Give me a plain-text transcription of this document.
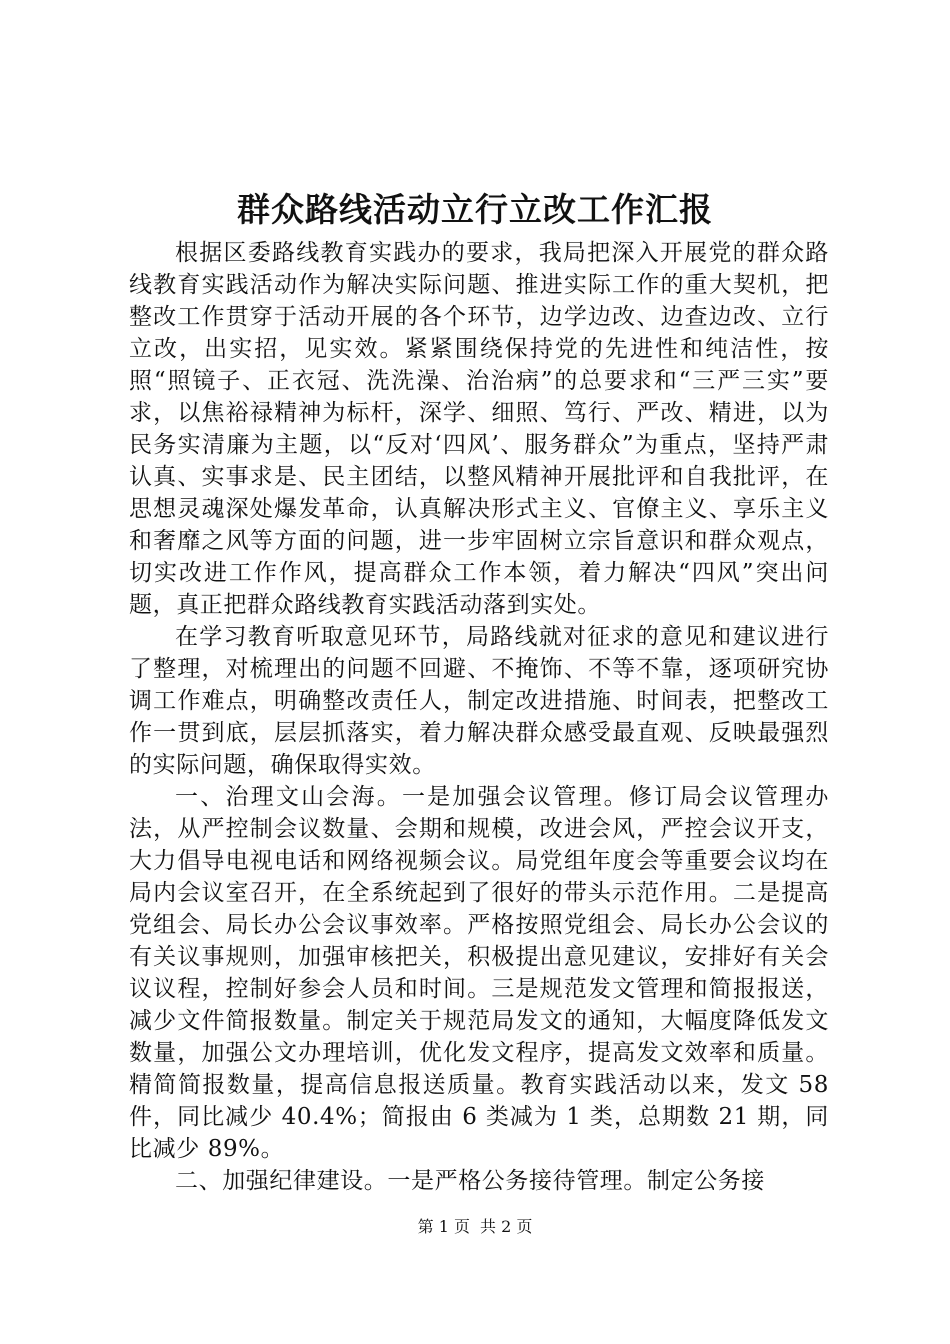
群众路线活动立行立改工作汇报

根据区委路线教育实践办的要求，我局把深入开展党的群众路线教育实践活动作为解决实际问题、推进实际工作的重大契机，把整改工作贯穿于活动开展的各个环节，边学边改、边查边改、立行立改，出实招，见实效。紧紧围绕保持党的先进性和纯洁性，按照“照镜子、正衣冠、洗洗澡、治治病”的总要求和“三严三实”要求，以焦裕禄精神为标杆，深学、细照、笃行、严改、精进，以为民务实清廉为主题，以“反对‘四风’、服务群众”为重点，坚持严肃认真、实事求是、民主团结，以整风精神开展批评和自我批评，在思想灵魂深处爆发革命，认真解决形式主义、官僚主义、享乐主义和奢靡之风等方面的问题，进一步牢固树立宗旨意识和群众观点，切实改进工作作风，提高群众工作本领，着力解决“四风”突出问题，真正把群众路线教育实践活动落到实处。

在学习教育听取意见环节，局路线就对征求的意见和建议进行了整理，对梳理出的问题不回避、不掩饰、不等不靠，逐项研究协调工作难点，明确整改责任人，制定改进措施、时间表，把整改工作一贯到底，层层抓落实，着力解决群众感受最直观、反映最强烈的实际问题，确保取得实效。

一、治理文山会海。一是加强会议管理。修订局会议管理办法，从严控制会议数量、会期和规模，改进会风，严控会议开支，大力倡导电视电话和网络视频会议。局党组年度会等重要会议均在局内会议室召开，在全系统起到了很好的带头示范作用。二是提高党组会、局长办公会议事效率。严格按照党组会、局长办公会议的有关议事规则，加强审核把关，积极提出意见建议，安排好有关会议议程，控制好参会人员和时间。三是规范发文管理和简报报送，减少文件简报数量。制定关于规范局发文的通知，大幅度降低发文数量，加强公文办理培训，优化发文程序，提高发文效率和质量。精简简报数量，提高信息报送质量。教育实践活动以来，发文 58 件，同比减少 40.4%；简报由 6 类减为 1 类，总期数 21 期，同比减少 89%。

二、加强纪律建设。一是严格公务接待管理。制定公务接

第 1 页 共 2 页
